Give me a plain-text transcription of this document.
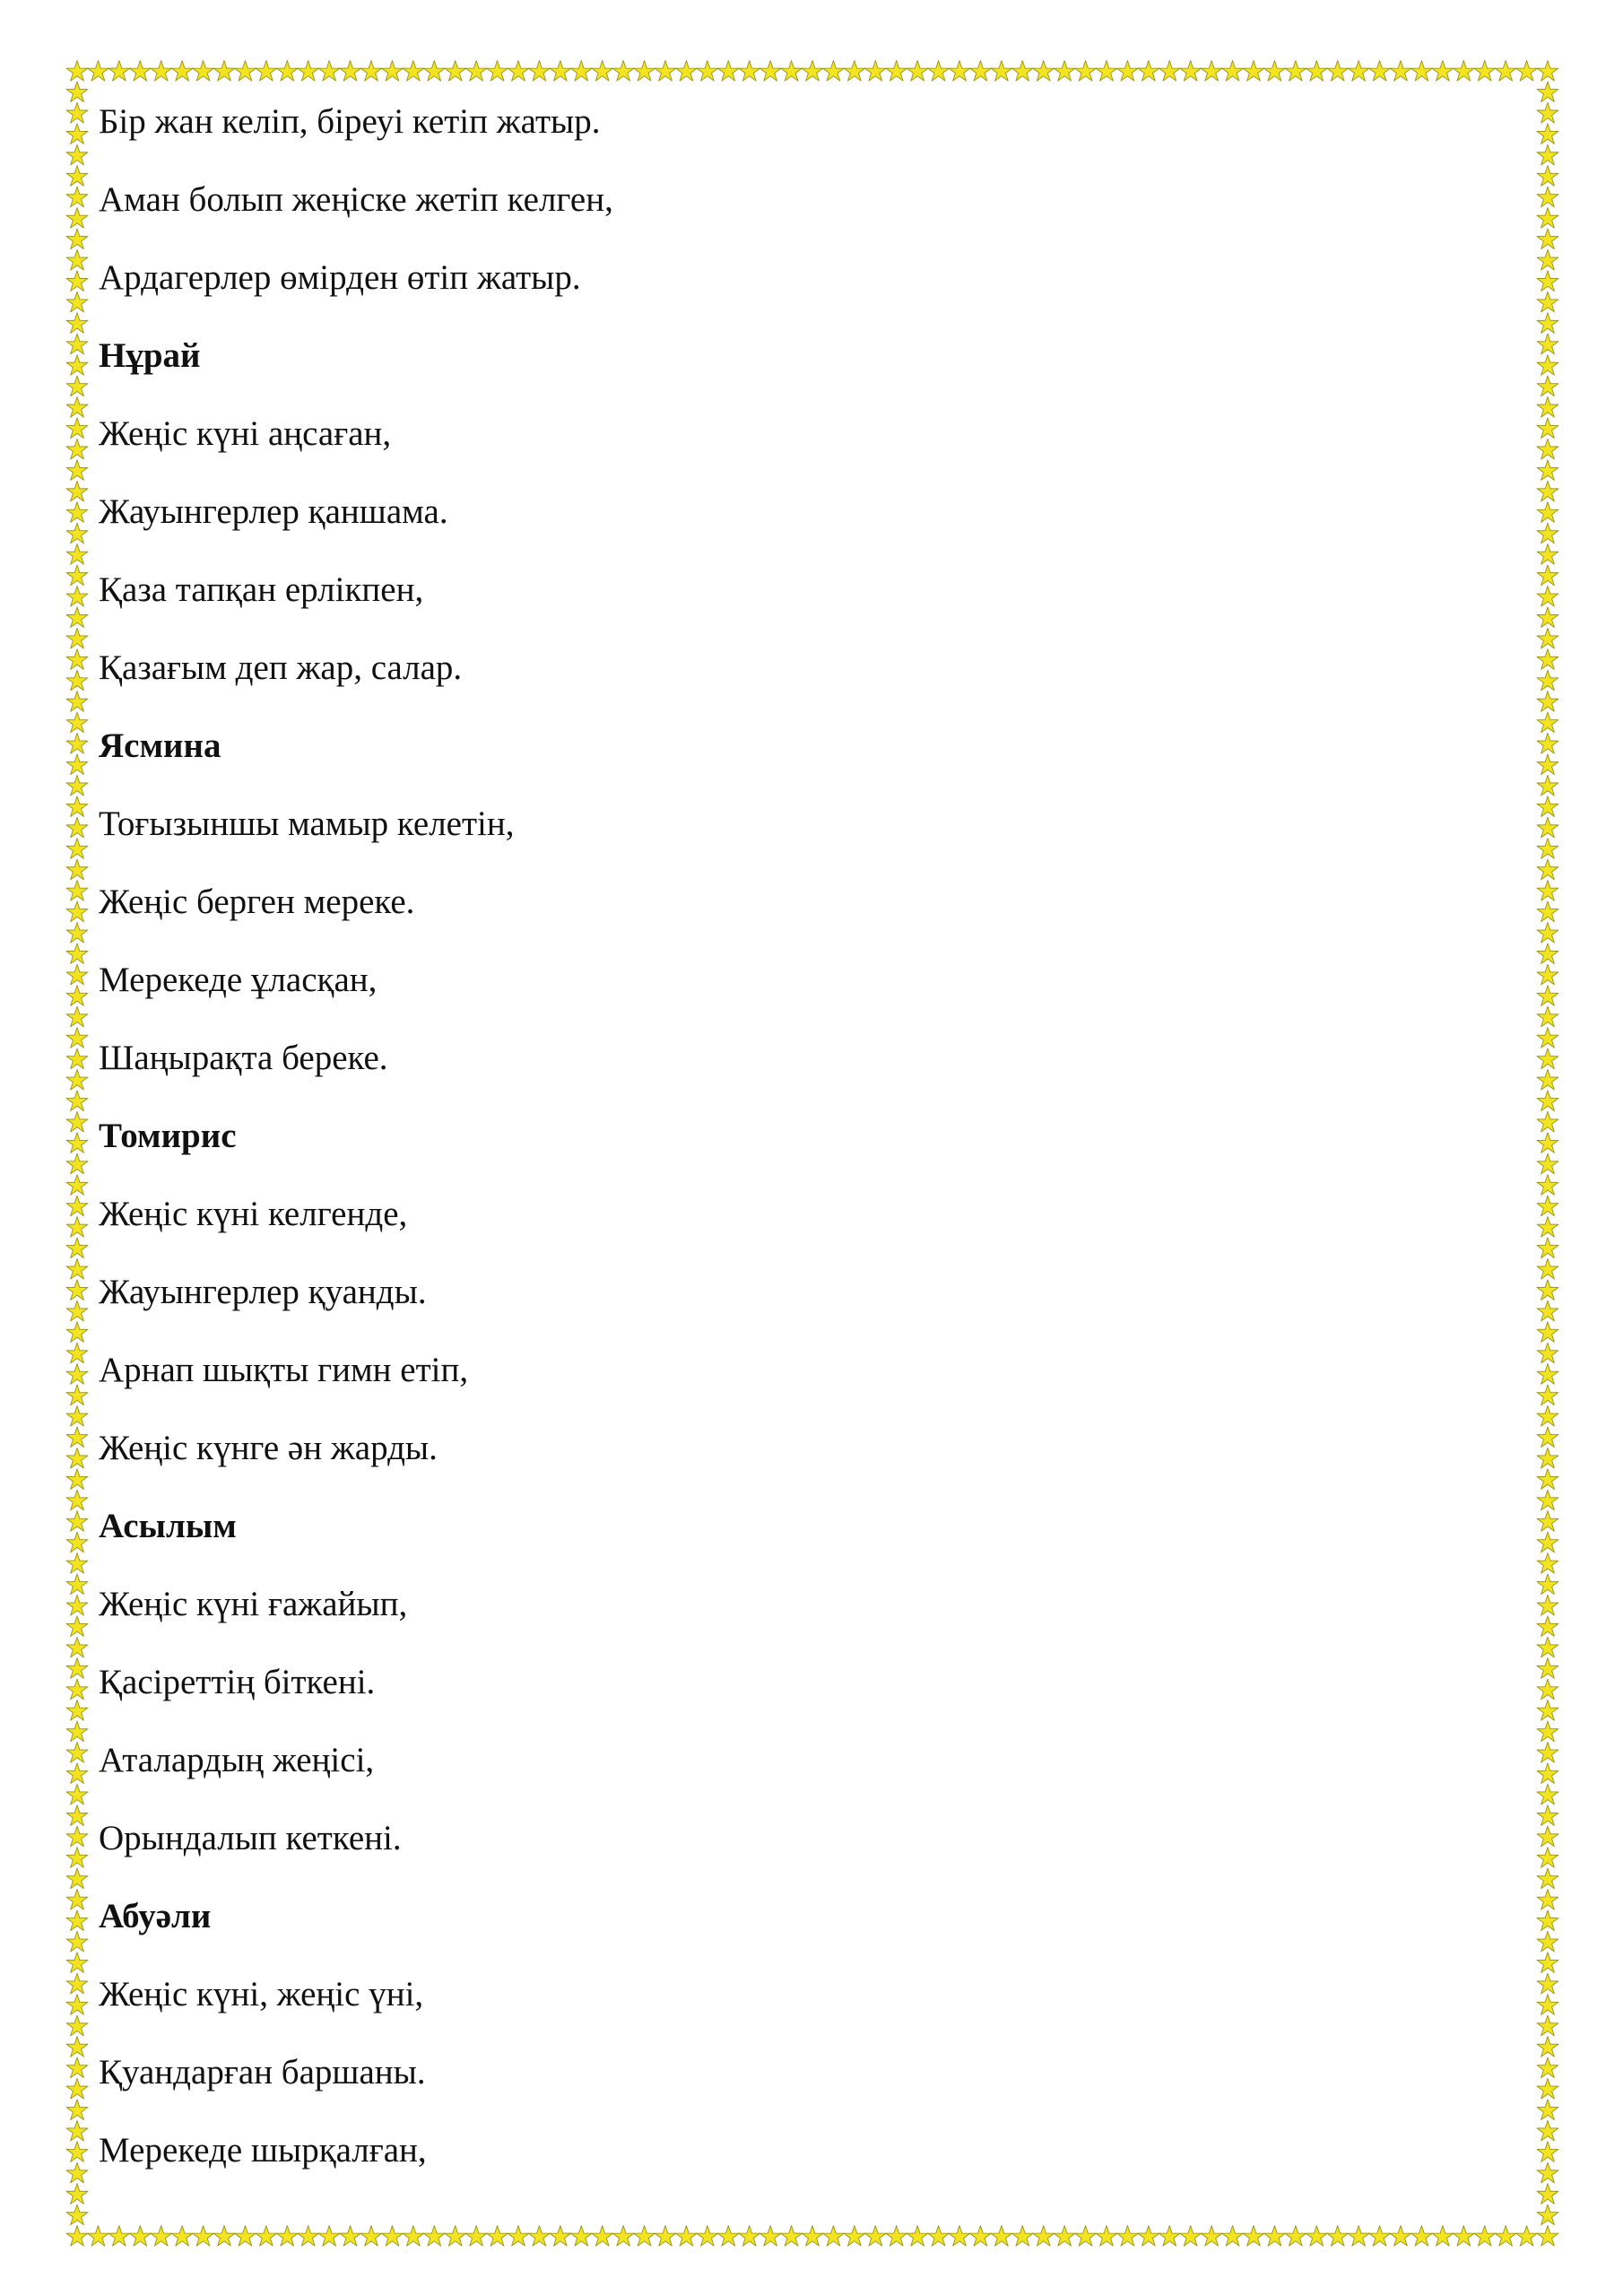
Бір жан келіп, біреуі кетіп жатыр.
Аман болып жеңіске жетіп келген,
Ардагерлер өмірден өтіп жатыр.
Нұрай
Жеңіс күні аңсаған,
Жауынгерлер қаншама.
Қаза тапқан ерлікпен,
Қазағым деп жар, салар.
Ясмина
Тоғызыншы мамыр келетін,
Жеңіс берген мереке.
Мерекеде ұласқан,
Шаңырақта береке.
Томирис
Жеңіс күні келгенде,
Жауынгерлер қуанды.
Арнап шықты гимн етіп,
Жеңіс күнге ән жарды.
Асылым
Жеңіс күні ғажайып,
Қасіреттің біткені.
Аталардың жеңісі,
Орындалып кеткені.
Абуәли
Жеңіс күні, жеңіс үні,
Қуандарған баршаны.
Мерекеде шырқалған,
